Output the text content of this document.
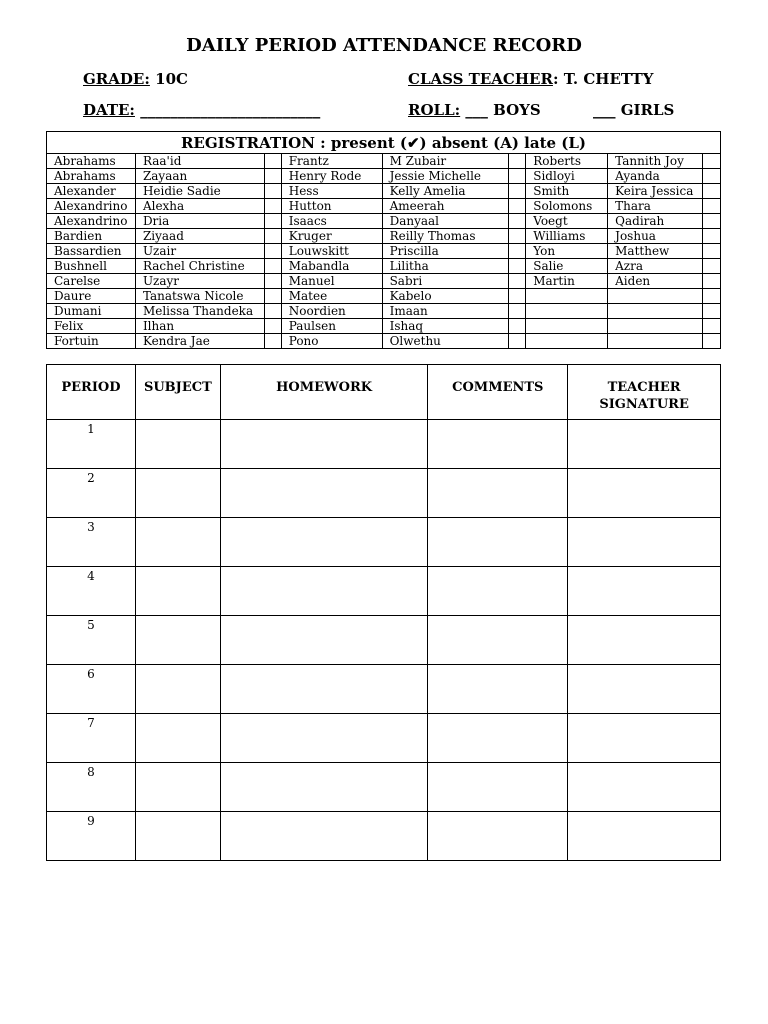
DAILY PERIOD ATTENDANCE RECORD
GRADE: 10C	CLASS TEACHER: T. CHETTY
DATE: ________________________	ROLL: ___ BOYS	___ GIRLS
REGISTRATION : present (✔) absent (A) late (L)								
Abrahams	Raa'id		Frantz	M Zubair		Roberts	Tannith Joy	
Abrahams	Zayaan		Henry Rode	Jessie Michelle		Sidloyi	Ayanda	
Alexander	Heidie Sadie		Hess	Kelly Amelia		Smith	Keira Jessica	
Alexandrino	Alexha		Hutton	Ameerah		Solomons	Thara	
Alexandrino	Dria		Isaacs	Danyaal		Voegt	Qadirah	
Bardien	Ziyaad		Kruger	Reilly Thomas		Williams	Joshua	
Bassardien	Uzair		Louwskitt	Priscilla		Yon	Matthew	
Bushnell	Rachel Christine		Mabandla	Lilitha		Salie	Azra	
Carelse	Uzayr		Manuel	Sabri		Martin	Aiden	
Daure	Tanatswa Nicole		Matee	Kabelo				
Dumani	Melissa Thandeka		Noordien	Imaan				
Felix	Ilhan		Paulsen	Ishaq				
Fortuin	Kendra Jae		Pono	Olwethu				
PERIOD	SUBJECT	HOMEWORK	COMMENTS	TEACHER SIGNATURE
1				
2				
3				
4				
5				
6				
7				
8				
9				
